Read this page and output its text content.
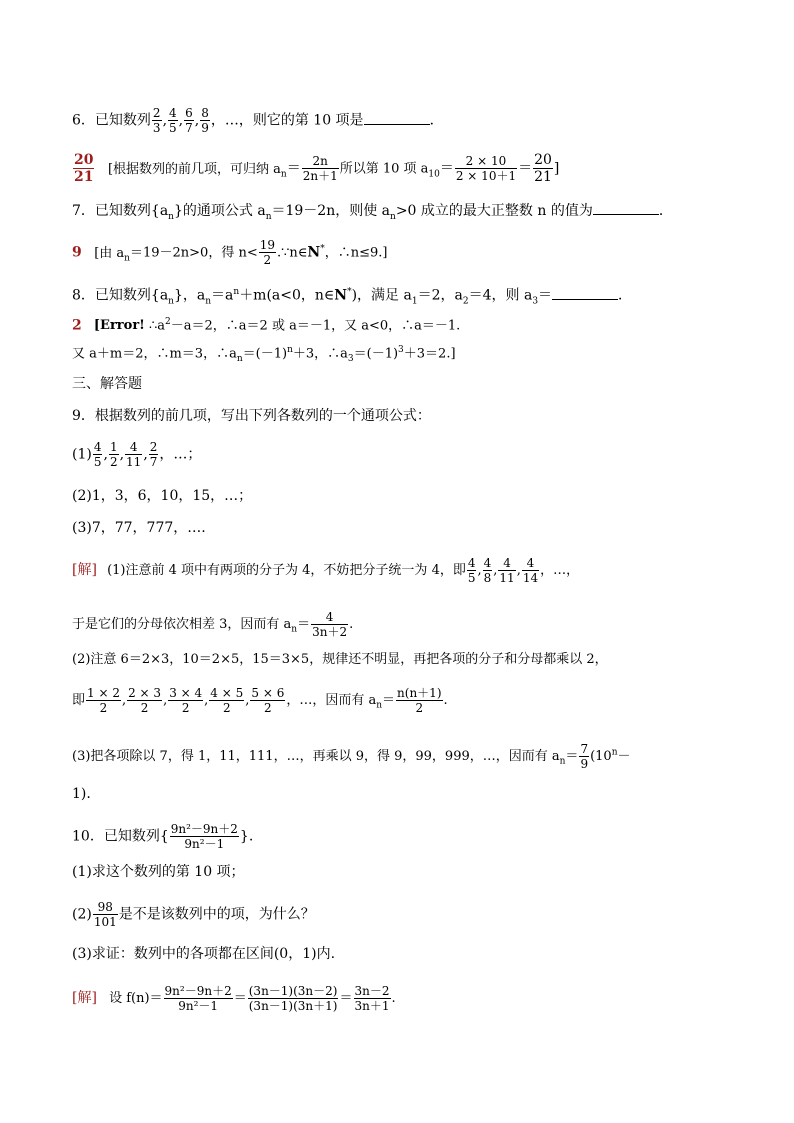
6．已知数列 $\frac{2}{3}$ , $\frac{4}{5}$ , $\frac{6}{7}$ , $\frac{8}{9}$ ，…，则它的第 10 项是	．
$\frac{20}{21}$ [根据数列的前几项，可归纳 $a_n= \frac{2n}{2n+1}$ 所以第 10 项 $a_{10}= \frac{2 \times 10}{2 \times 10+1} = \frac{20}{21}$ ]
7．已知数列$\{a_n\}$的通项公式 $a_n=19-2n$，则使 $a_n>0$ 成立的最大正整数 n 的值为	．
9 [由 $a_n=19-2n>0$，得 $n< \frac{19}{2}$ .∵n∈N*，∴n≤9.]
8．已知数列$\{a_n\}$，$a_n=a^n+m(a<0$，n∈N*)，满足 $a_1=2$，$a_2=4$，则 $a_3=$	．
2 [Error! $\therefore a^2-a=2$，∴a＝2 或 a＝－1，又 a<0，∴a＝－1.
又 a＋m＝2，∴m＝3，$\therefore a_n=(-1)^n+3$，$\therefore a_3=(-1)^3+3=2$.]
三、解答题
9．根据数列的前几项，写出下列各数列的一个通项公式：
$(1) \frac{4}{5}$ , $\frac{1}{2}$ , $\frac{4}{11}$ , $\frac{2}{7}$ ，…；
(2)1，3，6，10，15，…；
(3)7，77，777，….
[解] (1)注意前 4 项中有两项的分子为 4，不妨把分子统一为 4，即 $\frac{4}{5}$ , $\frac{4}{8}$ , $\frac{4}{11}$ , $\frac{4}{14}$ ，…，
于是它们的分母依次相差 3，因而有 $a_n= \frac{4}{3n+2}$ .
(2)注意 6＝2×3，10＝2×5，15＝3×5，规律还不明显，再把各项的分子和分母都乘以 2，
即 $\frac{1 \times 2}{2}$ , $\frac{2 \times 3}{2}$ , $\frac{3 \times 4}{2}$ , $\frac{4 \times 5}{2}$ , $\frac{5 \times 6}{2}$ ，…，因而有 $a_n= \frac{n(n+1)}{2}$ .
(3)把各项除以 7，得 1，11，111，…，再乘以 9，得 9，99，999，…，因而有 $a_n= \frac{7}{9} (10^n-$
1).
10．已知数列{ $\frac{\text{9n²－9n＋2}}{\text{9n²－1}}$ }.
(1)求这个数列的第 10 项；
$(2) \frac{98}{101}$ 是不是该数列中的项，为什么？
(3)求证：数列中的各项都在区间(0，1)内.
[解] 设 $f(n)= \frac{\text{9n²－9n＋2}}{\text{9n²－1}} = \frac{(3n-1)(3n-2)}{(3n-1)(3n+1)} = \frac{3n-2}{3n+1}$ .
